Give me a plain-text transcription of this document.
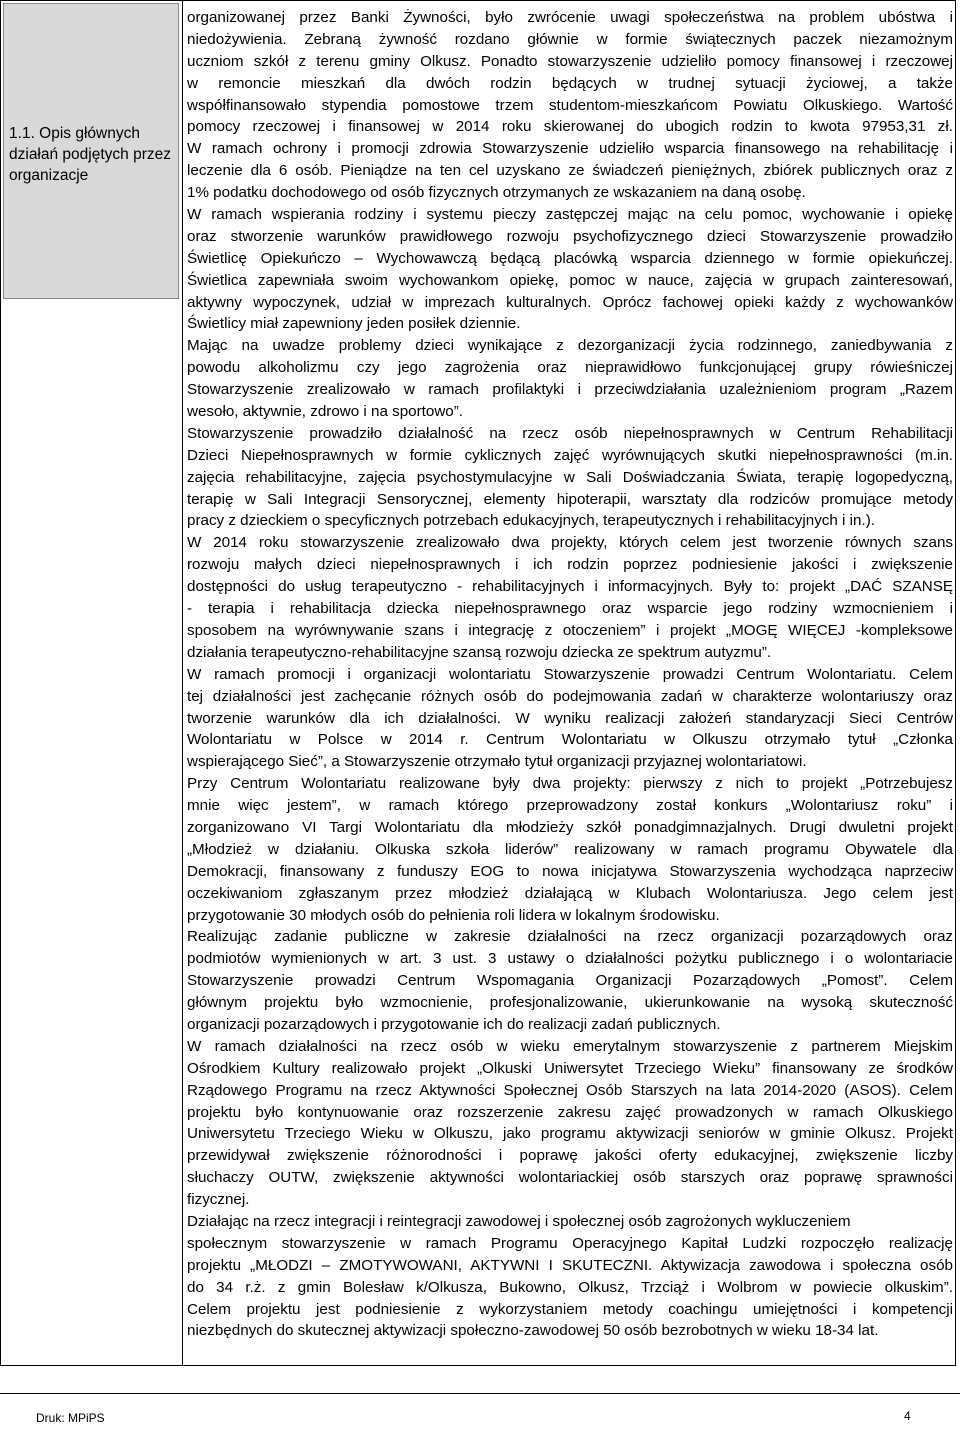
1.1. Opis głównych działań podjętych przez organizacje
organizowanej przez Banki Żywności, było zwrócenie uwagi społeczeństwa na problem ubóstwa i
niedożywienia. Zebraną żywność rozdano głównie w formie świątecznych paczek niezamożnym
uczniom szkół z terenu gminy Olkusz. Ponadto stowarzyszenie udzieliło pomocy finansowej i rzeczowej
w remoncie mieszkań dla dwóch rodzin będących w trudnej sytuacji życiowej, a także
współfinansowało stypendia pomostowe trzem studentom-mieszkańcom Powiatu Olkuskiego. Wartość
pomocy rzeczowej i finansowej w 2014 roku skierowanej do ubogich rodzin to kwota 97953,31 zł.
W ramach ochrony i promocji zdrowia Stowarzyszenie udzieliło wsparcia finansowego na rehabilitację i
leczenie dla 6 osób. Pieniądze na ten cel uzyskano ze świadczeń pieniężnych, zbiórek publicznych oraz z
1% podatku dochodowego od osób fizycznych otrzymanych ze wskazaniem na daną osobę.
W ramach wspierania rodziny i systemu pieczy zastępczej mając na celu pomoc, wychowanie i opiekę
oraz stworzenie warunków prawidłowego rozwoju psychofizycznego dzieci Stowarzyszenie prowadziło
Świetlicę Opiekuńczo – Wychowawczą będącą placówką wsparcia dziennego w formie opiekuńczej.
Świetlica zapewniała swoim wychowankom opiekę, pomoc w nauce, zajęcia w grupach zainteresowań,
aktywny wypoczynek, udział w imprezach kulturalnych. Oprócz fachowej opieki każdy z wychowanków
Świetlicy miał zapewniony jeden posiłek dziennie.
Mając na uwadze problemy dzieci wynikające z dezorganizacji życia rodzinnego, zaniedbywania z
powodu alkoholizmu czy jego zagrożenia oraz nieprawidłowo funkcjonującej grupy rówieśniczej
Stowarzyszenie zrealizowało w ramach profilaktyki i przeciwdziałania uzależnieniom program „Razem
wesoło, aktywnie, zdrowo i na sportowo”.
Stowarzyszenie prowadziło działalność na rzecz osób niepełnosprawnych w Centrum Rehabilitacji
Dzieci Niepełnosprawnych w formie cyklicznych zajęć wyrównujących skutki niepełnosprawności (m.in.
zajęcia rehabilitacyjne, zajęcia psychostymulacyjne w Sali Doświadczania Świata, terapię logopedyczną,
terapię w Sali Integracji Sensorycznej, elementy hipoterapii, warsztaty dla rodziców promujące metody
pracy z dzieckiem o specyficznych potrzebach edukacyjnych, terapeutycznych i rehabilitacyjnych i in.).
W 2014 roku stowarzyszenie zrealizowało dwa projekty, których celem jest tworzenie równych szans
rozwoju małych dzieci niepełnosprawnych i ich rodzin poprzez podniesienie jakości i zwiększenie
dostępności do usług terapeutyczno - rehabilitacyjnych i informacyjnych. Były to: projekt „DAĆ SZANSĘ
- terapia i rehabilitacja dziecka niepełnosprawnego oraz wsparcie jego rodziny wzmocnieniem i
sposobem na wyrównywanie szans i integrację z otoczeniem” i projekt „MOGĘ WIĘCEJ -kompleksowe
działania terapeutyczno-rehabilitacyjne szansą rozwoju dziecka ze spektrum autyzmu”.
W ramach promocji i organizacji wolontariatu Stowarzyszenie prowadzi Centrum Wolontariatu. Celem
tej działalności jest zachęcanie różnych osób do podejmowania zadań w charakterze wolontariuszy oraz
tworzenie warunków dla ich działalności. W wyniku realizacji założeń standaryzacji Sieci Centrów
Wolontariatu w Polsce w 2014 r. Centrum Wolontariatu w Olkuszu otrzymało tytuł „Członka
wspierającego Sieć”, a Stowarzyszenie otrzymało tytuł organizacji przyjaznej wolontariatowi.
Przy Centrum Wolontariatu realizowane były dwa projekty: pierwszy z nich to projekt „Potrzebujesz
mnie więc jestem”, w ramach którego przeprowadzony został konkurs „Wolontariusz roku” i
zorganizowano VI Targi Wolontariatu dla młodzieży szkół ponadgimnazjalnych. Drugi dwuletni projekt
„Młodzież w działaniu. Olkuska szkoła liderów” realizowany w ramach programu Obywatele dla
Demokracji, finansowany z funduszy EOG to nowa inicjatywa Stowarzyszenia wychodząca naprzeciw
oczekiwaniom zgłaszanym przez młodzież działającą w Klubach Wolontariusza. Jego celem jest
przygotowanie 30 młodych osób do pełnienia roli lidera w lokalnym środowisku.
Realizując zadanie publiczne w zakresie działalności na rzecz organizacji pozarządowych oraz
podmiotów wymienionych w art. 3 ust. 3 ustawy o działalności pożytku publicznego i o wolontariacie
Stowarzyszenie prowadzi Centrum Wspomagania Organizacji Pozarządowych „Pomost”. Celem
głównym projektu było wzmocnienie, profesjonalizowanie, ukierunkowanie na wysoką skuteczność
organizacji pozarządowych i przygotowanie ich do realizacji zadań publicznych.
W ramach działalności na rzecz osób w wieku emerytalnym stowarzyszenie z partnerem Miejskim
Ośrodkiem Kultury realizowało projekt „Olkuski Uniwersytet Trzeciego Wieku” finansowany ze środków
Rządowego Programu na rzecz Aktywności Społecznej Osób Starszych na lata 2014-2020 (ASOS). Celem
projektu było kontynuowanie oraz rozszerzenie zakresu zajęć prowadzonych w ramach Olkuskiego
Uniwersytetu Trzeciego Wieku w Olkuszu, jako programu aktywizacji seniorów w gminie Olkusz. Projekt
przewidywał zwiększenie różnorodności i poprawę jakości oferty edukacyjnej, zwiększenie liczby
słuchaczy OUTW, zwiększenie aktywności wolontariackiej osób starszych oraz poprawę sprawności
fizycznej.
Działając na rzecz integracji i reintegracji zawodowej i społecznej osób zagrożonych wykluczeniem
społecznym stowarzyszenie w ramach Programu Operacyjnego Kapitał Ludzki rozpoczęło realizację
projektu „MŁODZI – ZMOTYWOWANI, AKTYWNI I SKUTECZNI. Aktywizacja zawodowa i społeczna osób
do 34 r.ż. z gmin Bolesław k/Olkusza, Bukowno, Olkusz, Trzciąż i Wolbrom w powiecie olkuskim”.
Celem projektu jest podniesienie z wykorzystaniem metody coachingu umiejętności i kompetencji
niezbędnych do skutecznej aktywizacji społeczno-zawodowej 50 osób bezrobotnych w wieku 18-34 lat.
Druk: MPiPS	4
